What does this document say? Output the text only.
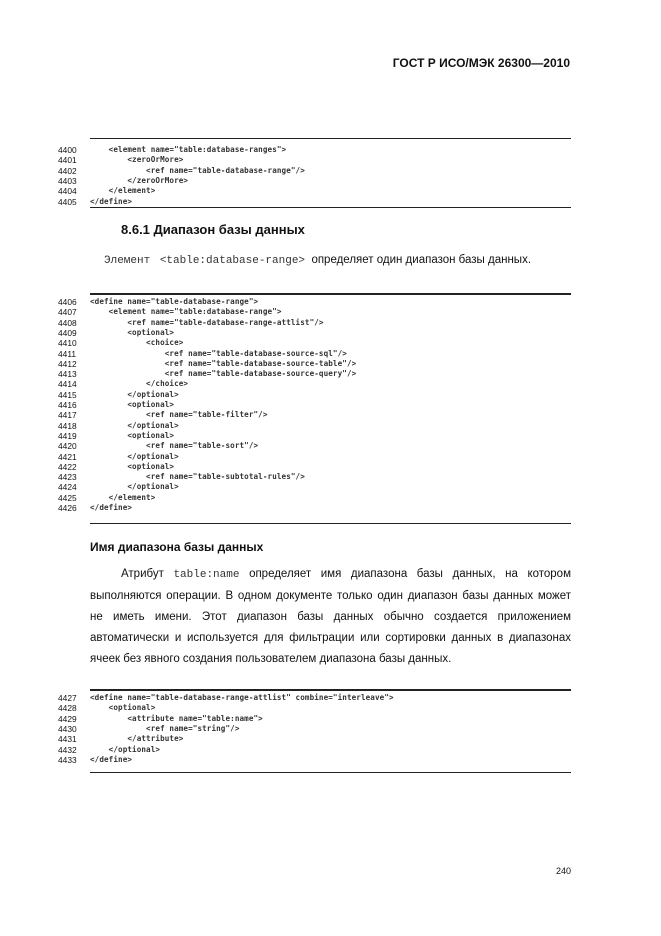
ГОСТ Р ИСО/МЭК 26300—2010
4400	<element name="table:database-ranges">
4401	<zeroOrMore>
4402	<ref name="table-database-range"/>
4403	</zeroOrMore>
4404	</element>
4405	</define>
8.6.1 Диапазон базы данных
Элемент <table:database-range> определяет один диапазон базы данных.
4406	<define name="table-database-range">
4407	<element name="table:database-range">
4408	<ref name="table-database-range-attlist"/>
4409	<optional>
4410	<choice>
4411	<ref name="table-database-source-sql"/>
4412	<ref name="table-database-source-table"/>
4413	<ref name="table-database-source-query"/>
4414	</choice>
4415	</optional>
4416	<optional>
4417	<ref name="table-filter"/>
4418	</optional>
4419	<optional>
4420	<ref name="table-sort"/>
4421	</optional>
4422	<optional>
4423	<ref name="table-subtotal-rules"/>
4424	</optional>
4425	</element>
4426	</define>
Имя диапазона базы данных
Атрибут table:name определяет имя диапазона базы данных, на котором выполняются операции. В одном документе только один диапазон базы данных может не иметь имени. Этот диапазон базы данных обычно создается приложением автоматически и используется для фильтрации или сортировки данных в диапазонах ячеек без явного создания пользователем диапазона базы данных.
4427	<define name="table-database-range-attlist" combine="interleave">
4428	<optional>
4429	<attribute name="table:name">
4430	<ref name="string"/>
4431	</attribute>
4432	</optional>
4433	</define>
240
